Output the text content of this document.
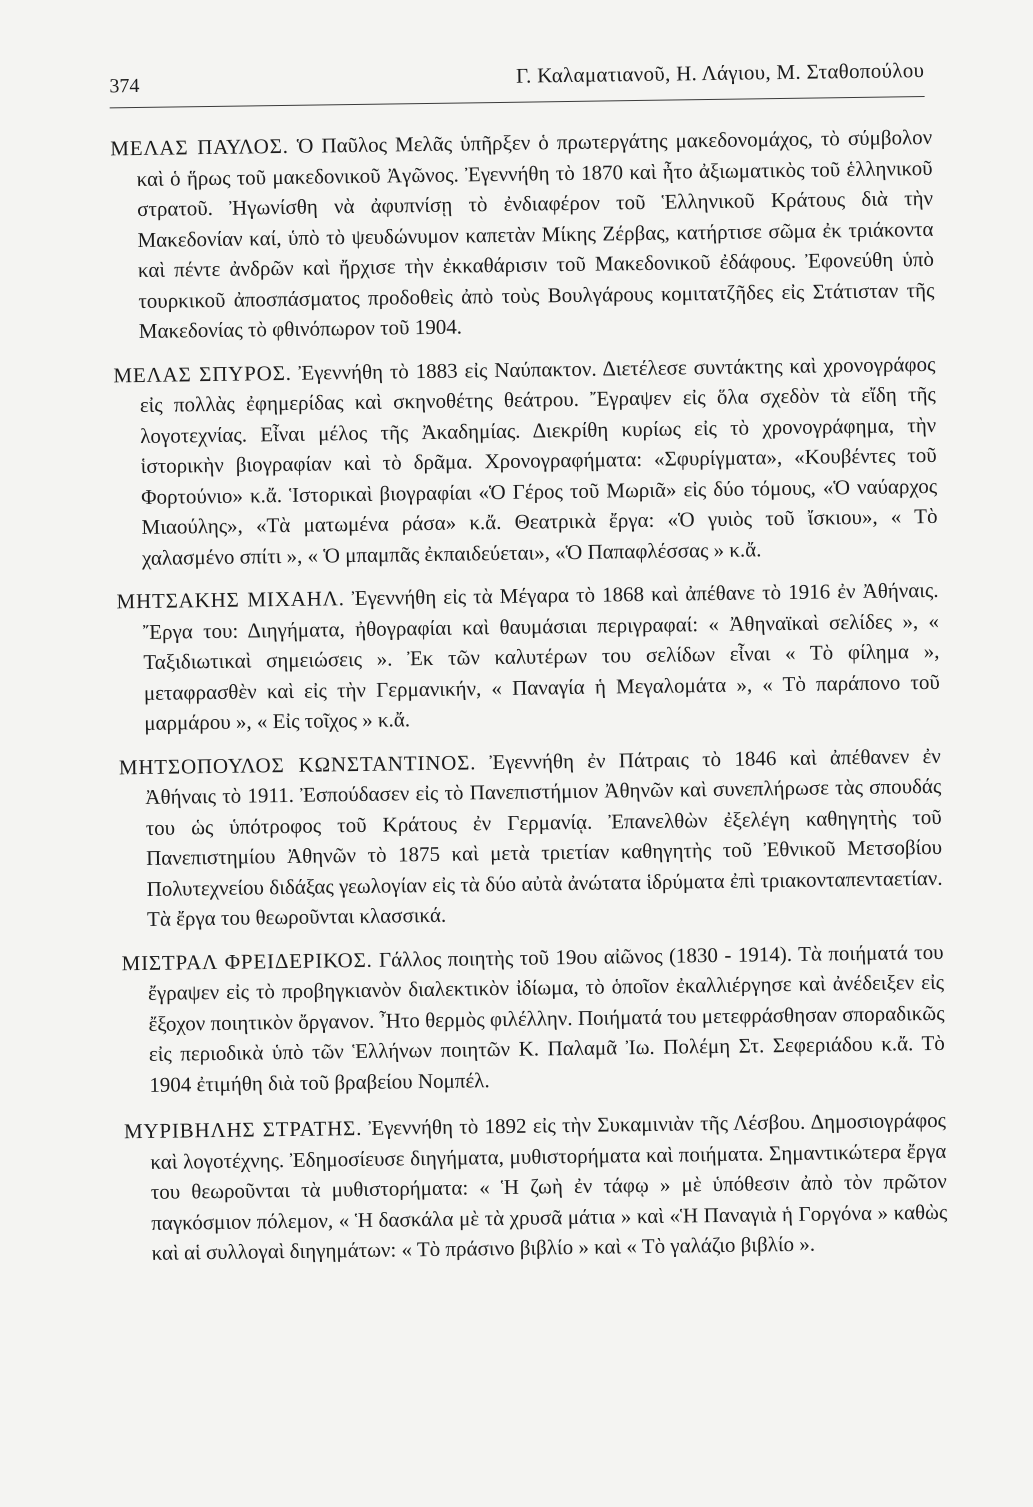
374	Γ. Καλαματιανοῦ, Η. Λάγιου, Μ. Σταθοπούλου

ΜΕΛΑΣ ΠΑΥΛΟΣ. Ὁ Παῦλος Μελᾶς ὑπῆρξεν ὁ πρωτεργάτης μακεδονομάχος, τὸ σύμβολον καὶ ὁ ἥρως τοῦ μακεδονικοῦ Ἀγῶνος. Ἐγεννήθη τὸ 1870 καὶ ἦτο ἀξιωματικὸς τοῦ ἑλληνικοῦ στρατοῦ. Ἠγωνίσθη νὰ ἀφυπνίσῃ τὸ ἐνδιαφέρον τοῦ Ἑλληνικοῦ Κράτους διὰ τὴν Μακεδονίαν καί, ὑπὸ τὸ ψευδώνυμον καπετὰν Μίκης Ζέρβας, κατήρτισε σῶμα ἐκ τριάκοντα καὶ πέντε ἀνδρῶν καὶ ἤρχισε τὴν ἐκκαθάρισιν τοῦ Μακεδονικοῦ ἐδάφους. Ἐφονεύθη ὑπὸ τουρκικοῦ ἀποσπάσματος προδοθεὶς ἀπὸ τοὺς Βουλγάρους κομιτατζῆδες εἰς Στάτισταν τῆς Μακεδονίας τὸ φθινόπωρον τοῦ 1904.

ΜΕΛΑΣ ΣΠΥΡΟΣ. Ἐγεννήθη τὸ 1883 εἰς Ναύπακτον. Διετέλεσε συντάκτης καὶ χρονογράφος εἰς πολλὰς ἐφημερίδας καὶ σκηνοθέτης θεάτρου. Ἔγραψεν εἰς ὅλα σχεδὸν τὰ εἴδη τῆς λογοτεχνίας. Εἶναι μέλος τῆς Ἀκαδημίας. Διεκρίθη κυρίως εἰς τὸ χρονογράφημα, τὴν ἱστορικὴν βιογραφίαν καὶ τὸ δρᾶμα. Χρονογραφήματα: «Σφυρίγματα», «Κουβέντες τοῦ Φορτούνιο» κ.ἄ. Ἱστορικαὶ βιογραφίαι «Ὁ Γέρος τοῦ Μωριᾶ» εἰς δύο τόμους, «Ὁ ναύαρχος Μιαούλης», «Τὰ ματωμένα ράσα» κ.ἄ. Θεατρικὰ ἔργα: «Ὁ γυιὸς τοῦ ἴσκιου», « Τὸ χαλασμένο σπίτι », « Ὁ μπαμπᾶς ἐκπαιδεύεται», «Ὁ Παπαφλέσσας » κ.ἄ.

ΜΗΤΣΑΚΗΣ ΜΙΧΑΗΛ. Ἐγεννήθη εἰς τὰ Μέγαρα τὸ 1868 καὶ ἀπέθανε τὸ 1916 ἐν Ἀθήναις. Ἔργα του: Διηγήματα, ἠθογραφίαι καὶ θαυμάσιαι περιγραφαί: « Ἀθηναϊκαὶ σελίδες », « Ταξιδιωτικαὶ σημειώσεις ». Ἐκ τῶν καλυτέρων του σελίδων εἶναι « Τὸ φίλημα », μεταφρασθὲν καὶ εἰς τὴν Γερμανικήν, « Παναγία ἡ Μεγαλομάτα », « Τὸ παράπονο τοῦ μαρμάρου », « Εἰς τοῖχος » κ.ἄ.

ΜΗΤΣΟΠΟΥΛΟΣ ΚΩΝΣΤΑΝΤΙΝΟΣ. Ἐγεννήθη ἐν Πάτραις τὸ 1846 καὶ ἀπέθανεν ἐν Ἀθήναις τὸ 1911. Ἐσπούδασεν εἰς τὸ Πανεπιστήμιον Ἀθηνῶν καὶ συνεπλήρωσε τὰς σπουδάς του ὡς ὑπότροφος τοῦ Κράτους ἐν Γερμανίᾳ. Ἐπανελθὼν ἐξελέγη καθηγητὴς τοῦ Πανεπιστημίου Ἀθηνῶν τὸ 1875 καὶ μετὰ τριετίαν καθηγητὴς τοῦ Ἐθνικοῦ Μετσοβίου Πολυτεχνείου διδάξας γεωλογίαν εἰς τὰ δύο αὐτὰ ἀνώτατα ἱδρύματα ἐπὶ τριακονταπενταετίαν. Τὰ ἔργα του θεωροῦνται κλασσικά.

ΜΙΣΤΡΑΛ ΦΡΕΙΔΕΡΙΚΟΣ. Γάλλος ποιητὴς τοῦ 19ου αἰῶνος (1830 - 1914). Τὰ ποιήματά του ἔγραψεν εἰς τὸ προβηγκιανὸν διαλεκτικὸν ἰδίωμα, τὸ ὁποῖον ἐκαλλιέργησε καὶ ἀνέδειξεν εἰς ἔξοχον ποιητικὸν ὄργανον. Ἦτο θερμὸς φιλέλλην. Ποιήματά του μετεφράσθησαν σποραδικῶς εἰς περιοδικὰ ὑπὸ τῶν Ἑλλήνων ποιητῶν Κ. Παλαμᾶ Ἰω. Πολέμη Στ. Σεφεριάδου κ.ἄ. Τὸ 1904 ἐτιμήθη διὰ τοῦ βραβείου Νομπέλ.

ΜΥΡΙΒΗΛΗΣ ΣΤΡΑΤΗΣ. Ἐγεννήθη τὸ 1892 εἰς τὴν Συκαμινιὰν τῆς Λέσβου. Δημοσιογράφος καὶ λογοτέχνης. Ἐδημοσίευσε διηγήματα, μυθιστορήματα καὶ ποιήματα. Σημαντικώτερα ἔργα του θεωροῦνται τὰ μυθιστορήματα: « Ἡ ζωὴ ἐν τάφῳ » μὲ ὑπόθεσιν ἀπὸ τὸν πρῶτον παγκόσμιον πόλεμον, « Ἡ δασκάλα μὲ τὰ χρυσᾶ μάτια » καὶ «Ἡ Παναγιὰ ἡ Γοργόνα » καθὼς καὶ αἱ συλλογαὶ διηγημάτων: « Τὸ πράσινο βιβλίο » καὶ « Τὸ γαλάζιο βιβλίο ».
